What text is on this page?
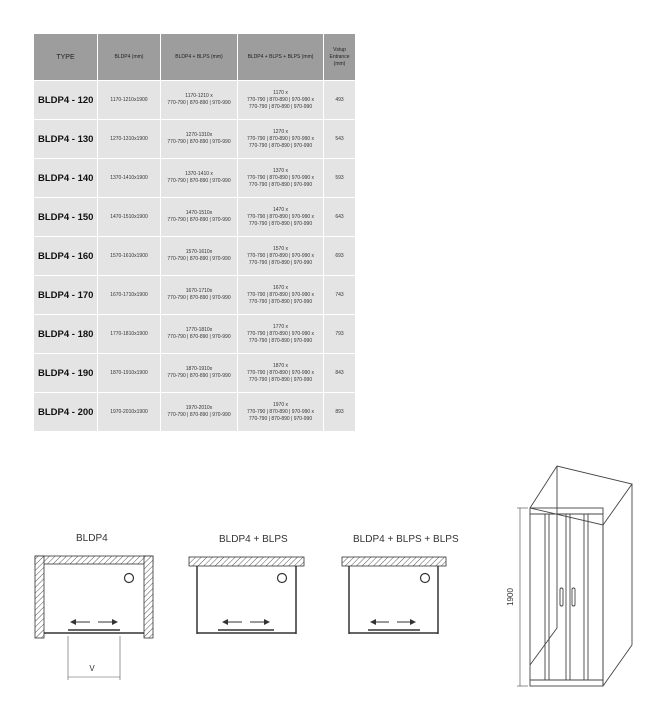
TYPE	BLDP4 (mm)	BLDP4 + BLPS (mm)	BLDP4 + BLPS + BLPS (mm)	Vstup
Entrance
(mm)
BLDP4 - 120	1170-1210x1900	1170-1210 x
770-790 | 870-890 | 970-990	1170 x
770-790 | 870-890 | 970-990 x
770-790 | 870-890 | 970-990	493
BLDP4 - 130	1270-1310x1900	1270-1310x
770-790 | 870-890 | 970-990	1270 x
770-790 | 870-890 | 970-990 x
770-790 | 870-890 | 970-990	543
BLDP4 - 140	1370-1410x1900	1370-1410 x
770-790 | 870-890 | 970-990	1370 x
770-790 | 870-890 | 970-990 x
770-790 | 870-890 | 970-990	593
BLDP4 - 150	1470-1510x1900	1470-1510x
770-790 | 870-890 | 970-990	1470 x
770-790 | 870-890 | 970-990 x
770-790 | 870-890 | 970-990	643
BLDP4 - 160	1570-1610x1900	1570-1610x
770-790 | 870-890 | 970-990	1570 x
770-790 | 870-890 | 970-990 x
770-790 | 870-890 | 970-990	693
BLDP4 - 170	1670-1710x1900	1670-1710x
770-790 | 870-890 | 970-990	1670 x
770-790 | 870-890 | 970-990 x
770-790 | 870-890 | 970-990	743
BLDP4 - 180	1770-1810x1900	1770-1810x
770-790 | 870-890 | 970-990	1770 x
770-790 | 870-890 | 970-990 x
770-790 | 870-890 | 970-990	793
BLDP4 - 190	1870-1910x1900	1870-1910x
770-790 | 870-890 | 970-990	1870 x
770-790 | 870-890 | 970-990 x
770-790 | 870-890 | 970-990	843
BLDP4 - 200	1970-2010x1900	1970-2010x
770-790 | 870-890 | 970-990	1970 x
770-790 | 870-890 | 970-990 x
770-790 | 870-890 | 970-990	893
BLDP4	BLDP4 + BLPS	BLDP4 + BLPS + BLPS
V
1900
